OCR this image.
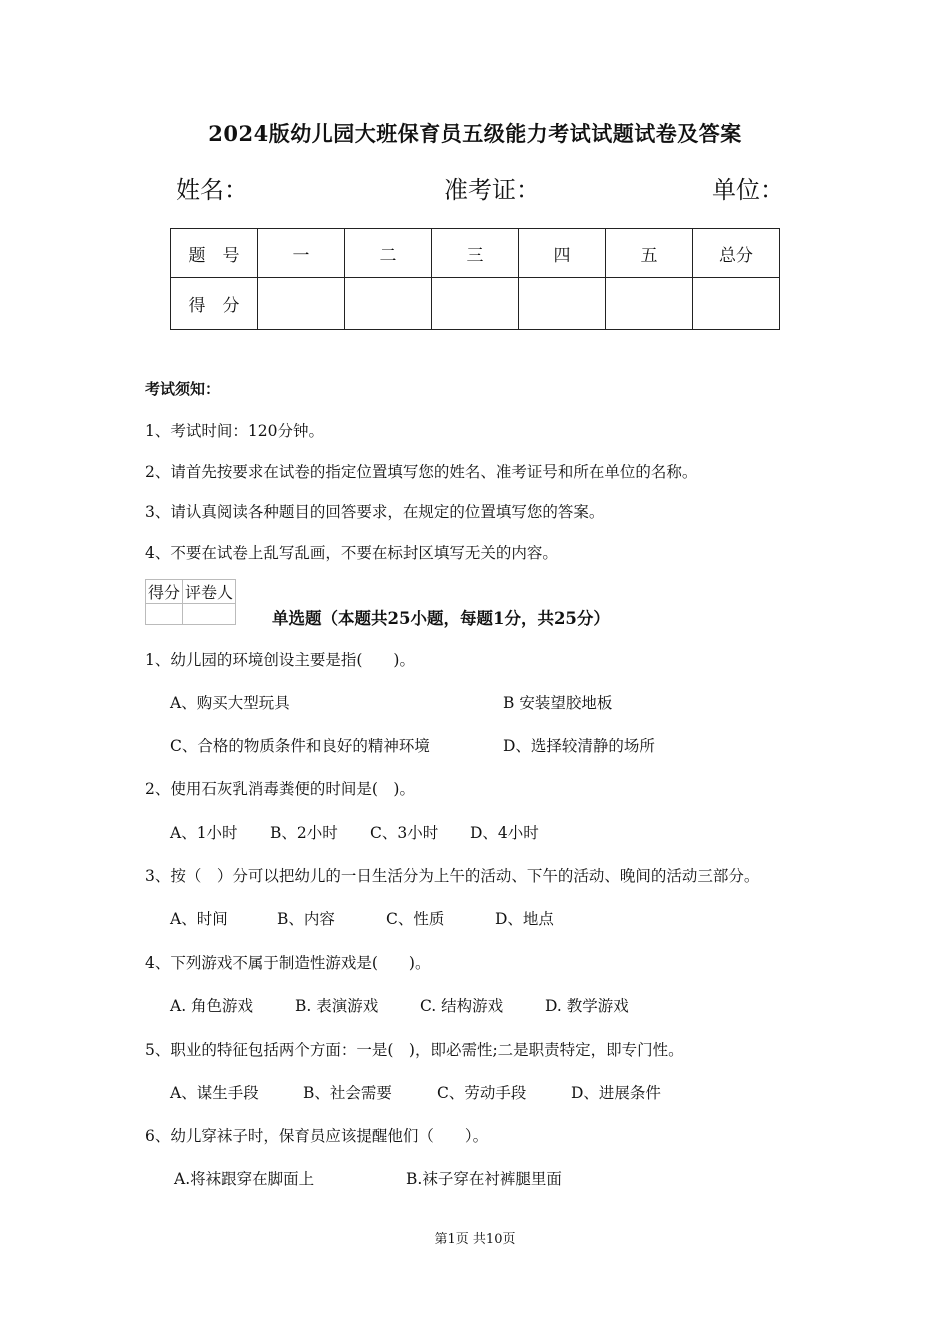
2024版幼儿园大班保育员五级能力考试试题试卷及答案
姓名：	准考证：	单位：
题　号	一	二	三	四	五	总分
得　分						
考试须知：
1、考试时间：120分钟。
2、请首先按要求在试卷的指定位置填写您的姓名、准考证号和所在单位的名称。
3、请认真阅读各种题目的回答要求，在规定的位置填写您的答案。
4、不要在试卷上乱写乱画，不要在标封区填写无关的内容。
得分	评卷人

单选题（本题共25小题，每题1分，共25分）
1、幼儿园的环境创设主要是指(　　)。
A、购买大型玩具	B 安装望胶地板
C、合格的物质条件和良好的精神环境	D、选择较清静的场所
2、使用石灰乳消毒粪便的时间是(　)。
A、1小时 B、2小时 C、3小时 D、4小时
3、按（　）分可以把幼儿的一日生活分为上午的活动、下午的活动、晚间的活动三部分。
A、时间	B、内容	C、性质	D、地点
4、下列游戏不属于制造性游戏是(　　)。
A. 角色游戏	B. 表演游戏	C. 结构游戏	D. 教学游戏
5、职业的特征包括两个方面：一是(　)，即必需性;二是职责特定，即专门性。
A、谋生手段	B、社会需要	C、劳动手段	D、进展条件
6、幼儿穿袜子时，保育员应该提醒他们（　　）。
A.将袜跟穿在脚面上	B.袜子穿在衬裤腿里面
第1页 共10页
